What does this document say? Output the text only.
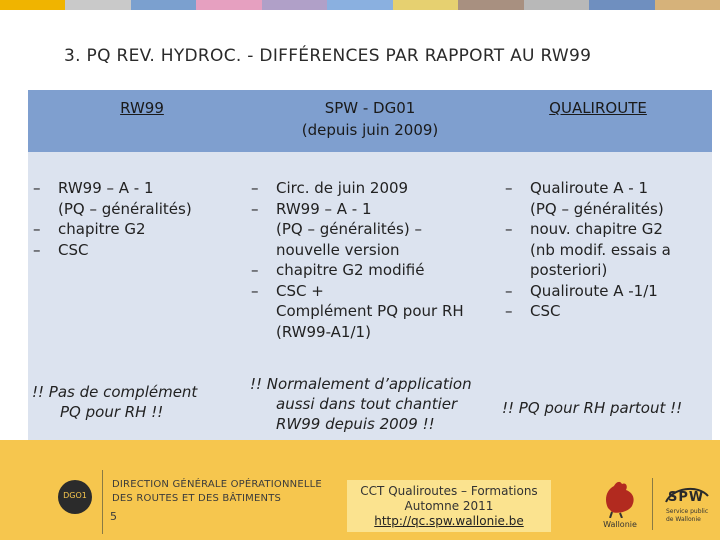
3. PQ REV. HYDROC. - DIFFÉRENCES PAR RAPPORT AU RW99
RW99	SPW - DG01
(depuis juin 2009)
QUALIROUTE
– RW99 – A - 1
(PQ – généralités)
– chapitre G2
– CSC
– Circ. de juin 2009
– RW99 – A - 1
(PQ – généralités) –
nouvelle version
– chapitre G2 modifié
– CSC +
Complément PQ pour RH
(RW99-A1/1)
– Qualiroute A - 1
(PQ – généralités)
– nouv. chapitre G2
(nb modif. essais a
posteriori)
– Qualiroute A -1/1
– CSC
!! Pas de complément
PQ pour RH !!
!! Normalement d’application
aussi dans tout chantier
RW99 depuis 2009 !!
!! PQ pour RH partout !!
DGO1
DIRECTION GÉNÉRALE OPÉRATIONNELLE
DES ROUTES ET DES BÂTIMENTS
5
CCT Qualiroutes – Formations
Automne 2011
http://qc.spw.wallonie.be	Wallonie
SPW
Service public
de Wallonie
